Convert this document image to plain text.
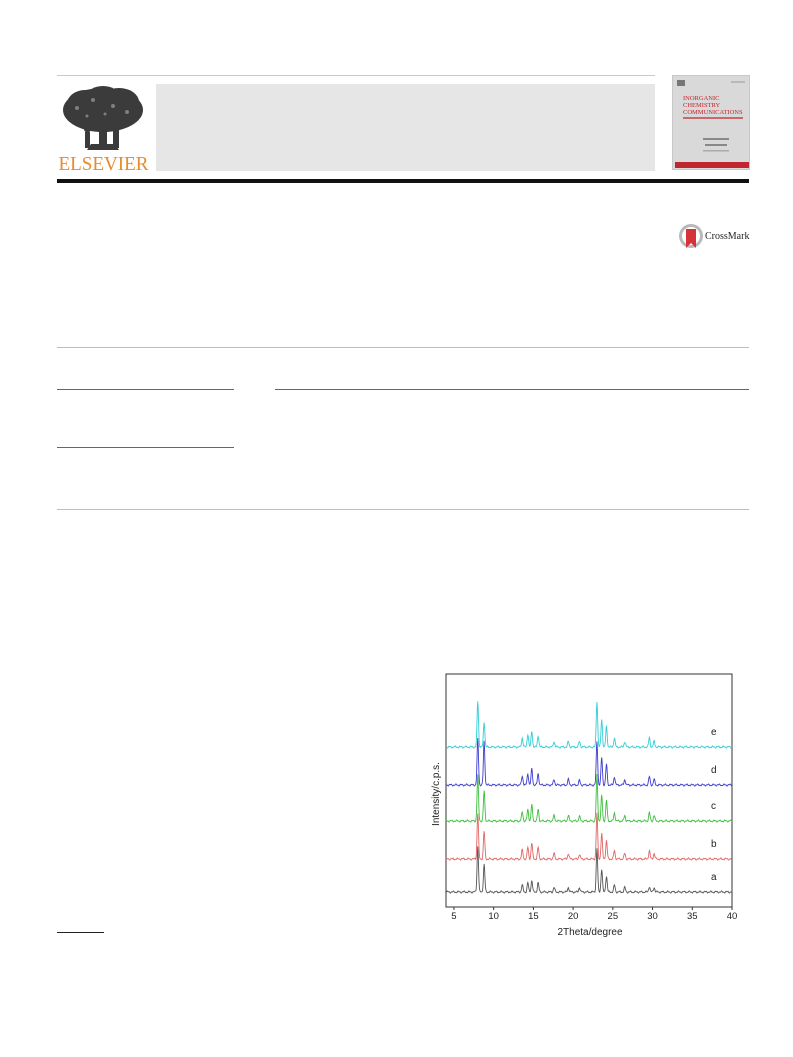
ELSEVIER
INORGANIC
CHEMISTRY
COMMUNICATIONS
CrossMark
a
b
c
d
e
5	10	15	20	25	30	35	40
2Theta/degree
Intensity/c.p.s.
